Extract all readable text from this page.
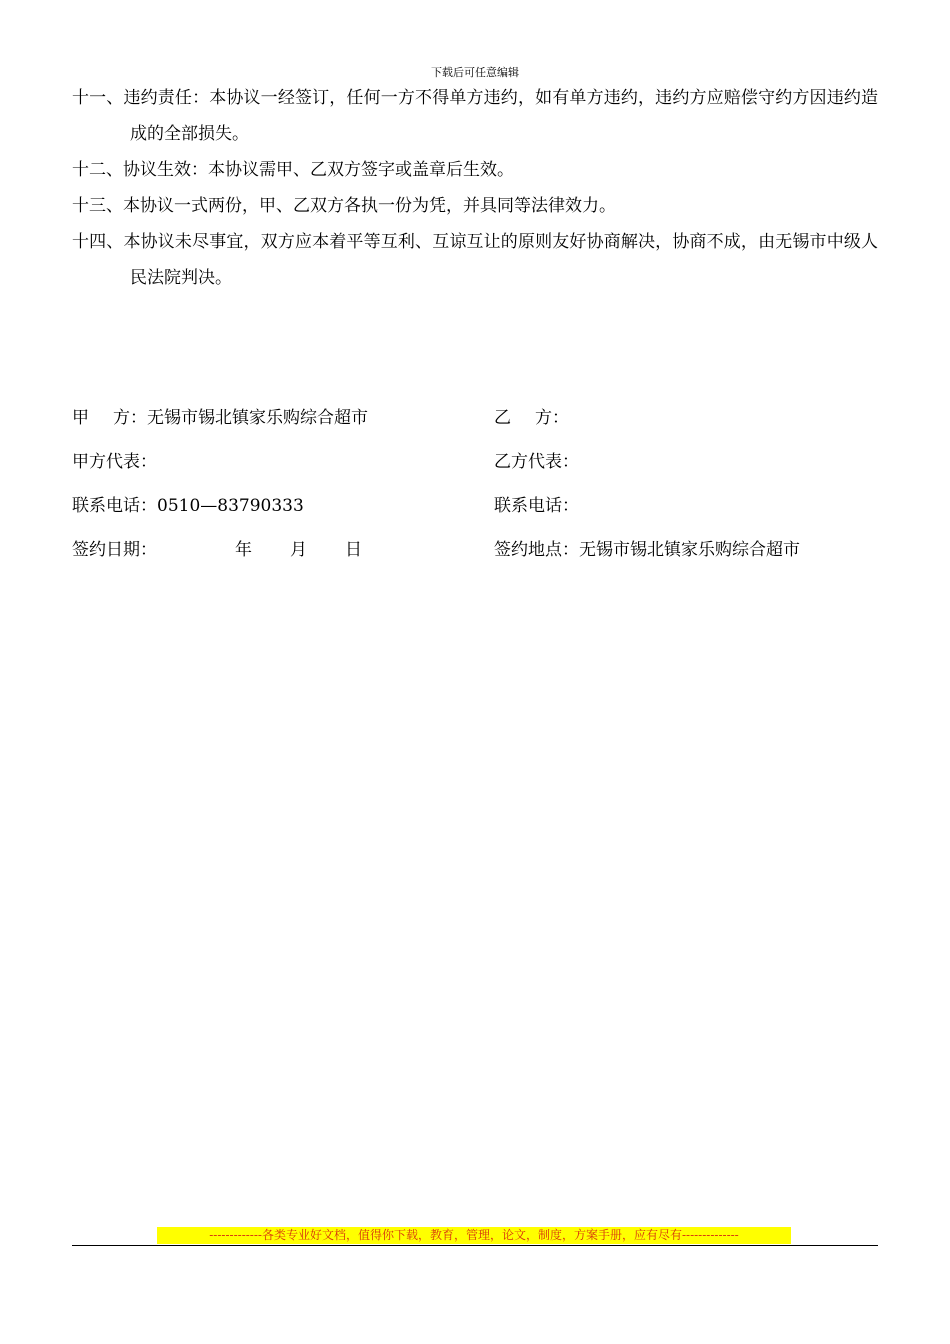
下载后可任意编辑
十一、违约责任：本协议一经签订，任何一方不得单方违约，如有单方违约，违约方应赔偿守约方因违约造成的全部损失。
十二、协议生效：本协议需甲、乙双方签字或盖章后生效。
十三、本协议一式两份，甲、乙双方各执一份为凭，并具同等法律效力。
十四、本协议未尽事宜，双方应本着平等互利、互谅互让的原则友好协商解决，协商不成，由无锡市中级人民法院判决。
甲方：无锡市锡北镇家乐购综合超市	乙方：
甲方代表：	乙方代表：
联系电话：0510—83790333	联系电话：
签约日期：	年 月 日	签约地点：无锡市锡北镇家乐购综合超市
-------------各类专业好文档，值得你下载，教育，管理，论文，制度，方案手册，应有尽有--------------
